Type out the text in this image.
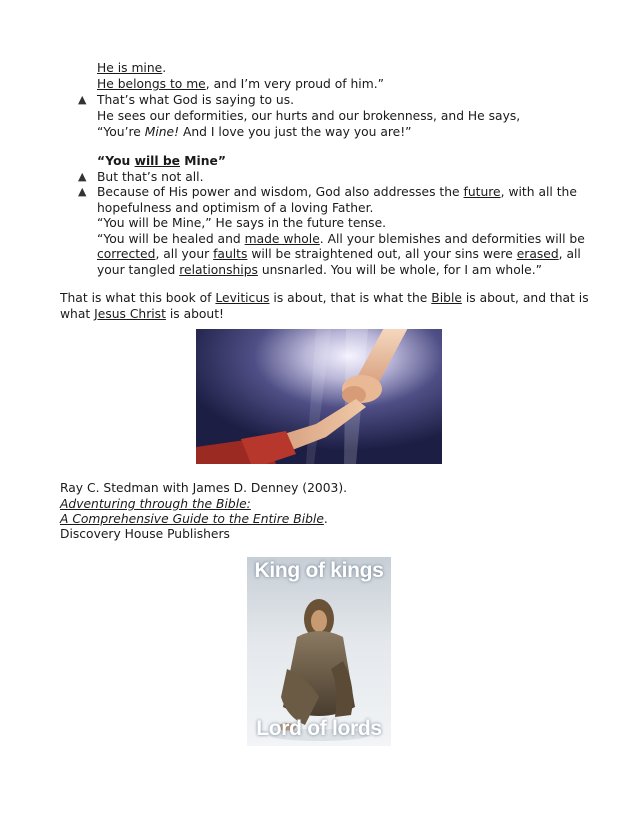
He is mine.
He belongs to me, and I’m very proud of him.”
▲ That’s what God is saying to us.
He sees our deformities, our hurts and our brokenness, and He says,
“You’re Mine! And I love you just the way you are!”
“You will be Mine”
▲ But that’s not all.
▲ Because of His power and wisdom, God also addresses the future, with all the
hopefulness and optimism of a loving Father.
“You will be Mine,” He says in the future tense.
“You will be healed and made whole. All your blemishes and deformities will be
corrected, all your faults will be straightened out, all your sins were erased, all
your tangled relationships unsnarled. You will be whole, for I am whole.”
That is what this book of Leviticus is about, that is what the Bible is about, and that is
what Jesus Christ is about!
Ray C. Stedman with James D. Denney (2003).
Adventuring through the Bible:
A Comprehensive Guide to the Entire Bible.
Discovery House Publishers
King of kings
Lord of lords
